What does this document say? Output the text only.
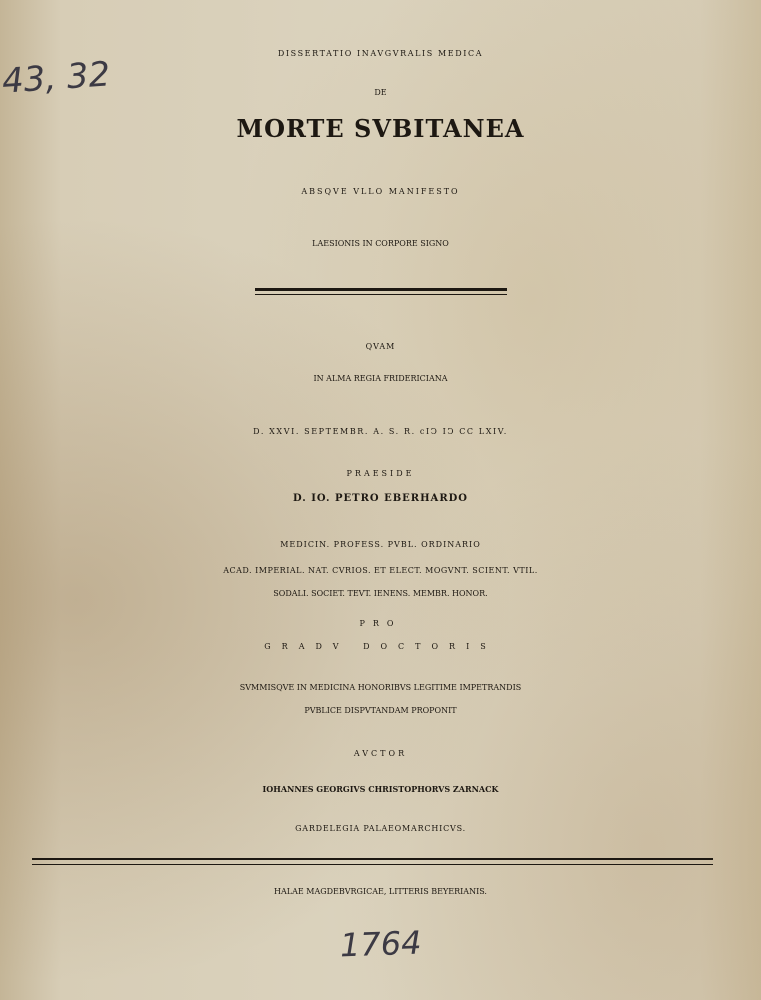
43, 32
DISSERTATIO INAVGVRALIS MEDICA
DE
MORTE SVBITANEA
ABSQVE VLLO MANIFESTO
LAESIONIS IN CORPORE SIGNO
QVAM
IN ALMA REGIA FRIDERICIANA
D. XXVI. SEPTEMBR. A. S. R. cIↃ IↃ CC LXIV.
PRAESIDE
D. IO. PETRO EBERHARDO
MEDICIN. PROFESS. PVBL. ORDINARIO
ACAD. IMPERIAL. NAT. CVRIOS. ET ELECT. MOGVNT. SCIENT. VTIL.
SODALI. SOCIET. TEVT. IENENS. MEMBR. HONOR.
PRO
GRADV DOCTORIS
SVMMISQVE IN MEDICINA HONORIBVS LEGITIME IMPETRANDIS
PVBLICE DISPVTANDAM PROPONIT
AVCTOR
IOHANNES GEORGIVS CHRISTOPHORVS ZARNACK
GARDELEGIA PALAEOMARCHICVS.
HALAE MAGDEBVRGICAE, LITTERIS BEYERIANIS.
1764
